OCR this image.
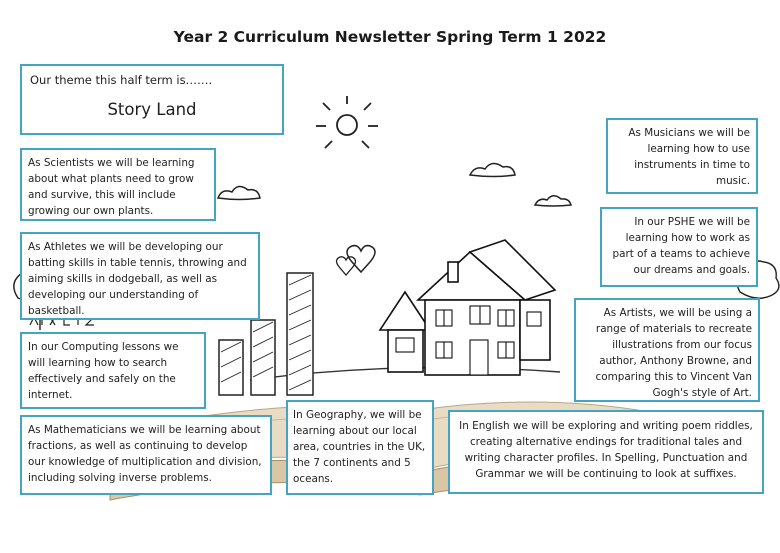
Year 2 Curriculum Newsletter Spring Term 1 2022
Our theme this half term is…….
Story Land
As Scientists we will be learning about what plants need to grow and survive, this will include growing our own plants.
As Athletes we will be developing our batting skills in table tennis, throwing and aiming skills in dodgeball, as well as developing our understanding of basketball.
In our Computing lessons we will learning how to search effectively and safely on the internet.
As Mathematicians we will be learning about fractions, as well as continuing to develop our knowledge of multiplication and division, including solving inverse problems.
In Geography, we will be learning about our local area, countries in the UK, the 7 continents and 5 oceans.
In English we will be exploring and writing poem riddles, creating alternative endings for traditional tales and writing character profiles. In Spelling, Punctuation and Grammar we will be continuing to look at suffixes.
As Musicians we will be learning how to use instruments in time to music.
In our PSHE we will be learning how to work as part of a teams to achieve our dreams and goals.
As Artists, we will be using a range of materials to recreate illustrations from our focus author, Anthony Browne, and comparing this to Vincent Van Gogh's style of Art.
